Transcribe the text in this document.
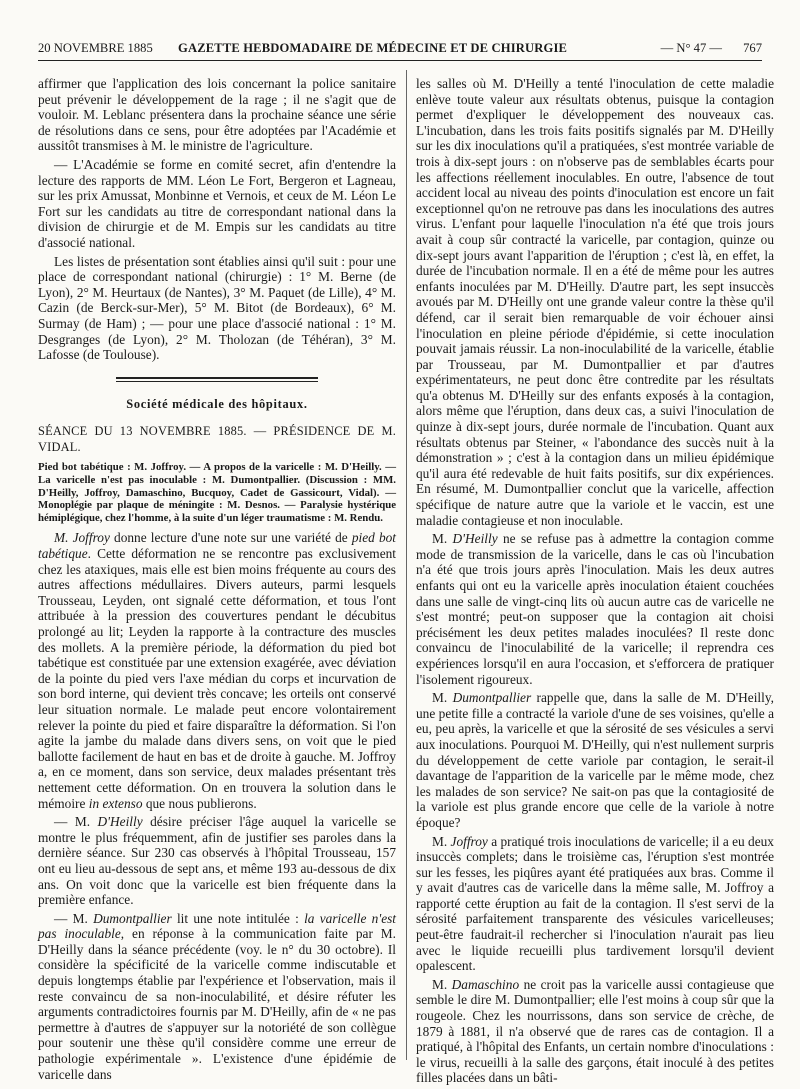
20 NOVEMBRE 1885 GAZETTE HEBDOMADAIRE DE MÉDECINE ET DE CHIRURGIE	— N° 47 — 767

affirmer que l'application des lois concernant la police sanitaire peut prévenir le développement de la rage ; il ne s'agit que de vouloir. M. Leblanc présentera dans la prochaine séance une série de résolutions dans ce sens, pour être adoptées par l'Académie et aussitôt transmises à M. le ministre de l'agriculture.

— L'Académie se forme en comité secret, afin d'entendre la lecture des rapports de MM. Léon Le Fort, Bergeron et Lagneau, sur les prix Amussat, Monbinne et Vernois, et ceux de M. Léon Le Fort sur les candidats au titre de correspondant national dans la division de chirurgie et de M. Empis sur les candidats au titre d'associé national.

Les listes de présentation sont établies ainsi qu'il suit : pour une place de correspondant national (chirurgie) : 1° M. Berne (de Lyon), 2° M. Heurtaux (de Nantes), 3° M. Paquet (de Lille), 4° M. Cazin (de Berck-sur-Mer), 5° M. Bitot (de Bordeaux), 6° M. Surmay (de Ham) ; — pour une place d'associé national : 1° M. Desgranges (de Lyon), 2° M. Tholozan (de Téhéran), 3° M. Lafosse (de Toulouse).

Société médicale des hôpitaux.
SÉANCE DU 13 NOVEMBRE 1885. — PRÉSIDENCE DE M. VIDAL.
Pied bot tabétique : M. Joffroy. — A propos de la varicelle : M. D'Heilly. — La varicelle n'est pas inoculable : M. Dumontpallier. (Discussion : MM. D'Heilly, Joffroy, Damaschino, Bucquoy, Cadet de Gassicourt, Vidal). — Monoplégie par plaque de méningite : M. Desnos. — Paralysie hystérique hémiplégique, chez l'homme, à la suite d'un léger traumatisme : M. Rendu.

M. Joffroy donne lecture d'une note sur une variété de pied bot tabétique. Cette déformation ne se rencontre pas exclusivement chez les ataxiques, mais elle est bien moins fréquente au cours des autres affections médullaires. Divers auteurs, parmi lesquels Trousseau, Leyden, ont signalé cette déformation, et tous l'ont attribuée à la pression des couvertures pendant le décubitus prolongé au lit; Leyden la rapporte à la contracture des muscles des mollets. A la première période, la déformation du pied bot tabétique est constituée par une extension exagérée, avec déviation de la pointe du pied vers l'axe médian du corps et incurvation de son bord interne, qui devient très concave; les orteils ont conservé leur situation normale. Le malade peut encore volontairement relever la pointe du pied et faire disparaître la déformation. Si l'on agite la jambe du malade dans divers sens, on voit que le pied ballotte facilement de haut en bas et de droite à gauche. M. Joffroy a, en ce moment, dans son service, deux malades présentant très nettement cette déformation. On en trouvera la solution dans le mémoire in extenso que nous publierons.

— M. D'Heilly désire préciser l'âge auquel la varicelle se montre le plus fréquemment, afin de justifier ses paroles dans la dernière séance. Sur 230 cas observés à l'hôpital Trousseau, 157 ont eu lieu au-dessous de sept ans, et même 193 au-dessous de dix ans. On voit donc que la varicelle est bien fréquente dans la première enfance.

— M. Dumontpallier lit une note intitulée : la varicelle n'est pas inoculable, en réponse à la communication faite par M. D'Heilly dans la séance précédente (voy. le n° du 30 octobre). Il considère la spécificité de la varicelle comme indiscutable et depuis longtemps établie par l'expérience et l'observation, mais il reste convaincu de sa non-inoculabilité, et désire réfuter les arguments contradictoires fournis par M. D'Heilly, afin de « ne pas permettre à d'autres de s'appuyer sur la notoriété de son collègue pour soutenir une thèse qu'il considère comme une erreur de pathologie expérimentale ». L'existence d'une épidémie de varicelle dans

les salles où M. D'Heilly a tenté l'inoculation de cette maladie enlève toute valeur aux résultats obtenus, puisque la contagion permet d'expliquer le développement des nouveaux cas. L'incubation, dans les trois faits positifs signalés par M. D'Heilly sur les dix inoculations qu'il a pratiquées, s'est montrée variable de trois à dix-sept jours : on n'observe pas de semblables écarts pour les affections réellement inoculables. En outre, l'absence de tout accident local au niveau des points d'inoculation est encore un fait exceptionnel qu'on ne retrouve pas dans les inoculations des autres virus. L'enfant pour laquelle l'inoculation n'a été que trois jours avait à coup sûr contracté la varicelle, par contagion, quinze ou dix-sept jours avant l'apparition de l'éruption ; c'est là, en effet, la durée de l'incubation normale. Il en a été de même pour les autres enfants inoculées par M. D'Heilly. D'autre part, les sept insuccès avoués par M. D'Heilly ont une grande valeur contre la thèse qu'il défend, car il serait bien remarquable de voir échouer ainsi l'inoculation en pleine période d'épidémie, si cette inoculation pouvait jamais réussir. La non-inoculabilité de la varicelle, établie par Trousseau, par M. Dumontpallier et par d'autres expérimentateurs, ne peut donc être contredite par les résultats qu'a obtenus M. D'Heilly sur des enfants exposés à la contagion, alors même que l'éruption, dans deux cas, a suivi l'inoculation de quinze à dix-sept jours, durée normale de l'incubation. Quant aux résultats obtenus par Steiner, « l'abondance des succès nuit à la démonstration » ; c'est à la contagion dans un milieu épidémique qu'il aura été redevable de huit faits positifs, sur dix expériences. En résumé, M. Dumontpallier conclut que la varicelle, affection spécifique de nature autre que la variole et le vaccin, est une maladie contagieuse et non inoculable.

M. D'Heilly ne se refuse pas à admettre la contagion comme mode de transmission de la varicelle, dans le cas où l'incubation n'a été que trois jours après l'inoculation. Mais les deux autres enfants qui ont eu la varicelle après inoculation étaient couchées dans une salle de vingt-cinq lits où aucun autre cas de varicelle ne s'est montré; peut-on supposer que la contagion ait choisi précisément les deux petites malades inoculées? Il reste donc convaincu de l'inoculabilité de la varicelle; il reprendra ces expériences lorsqu'il en aura l'occasion, et s'efforcera de pratiquer l'isolement rigoureux.

M. Dumontpallier rappelle que, dans la salle de M. D'Heilly, une petite fille a contracté la variole d'une de ses voisines, qu'elle a eu, peu après, la varicelle et que la sérosité de ses vésicules a servi aux inoculations. Pourquoi M. D'Heilly, qui n'est nullement surpris du développement de cette variole par contagion, le serait-il davantage de l'apparition de la varicelle par le même mode, chez les malades de son service? Ne sait-on pas que la contagiosité de la variole est plus grande encore que celle de la variole à notre époque?

M. Joffroy a pratiqué trois inoculations de varicelle; il a eu deux insuccès complets; dans le troisième cas, l'éruption s'est montrée sur les fesses, les piqûres ayant été pratiquées aux bras. Comme il y avait d'autres cas de varicelle dans la même salle, M. Joffroy a rapporté cette éruption au fait de la contagion. Il s'est servi de la sérosité parfaitement transparente des vésicules varicelleuses; peut-être faudrait-il rechercher si l'inoculation n'aurait pas lieu avec le liquide recueilli plus tardivement lorsqu'il devient opalescent.

M. Damaschino ne croit pas la varicelle aussi contagieuse que semble le dire M. Dumontpallier; elle l'est moins à coup sûr que la rougeole. Chez les nourrissons, dans son service de crèche, de 1879 à 1881, il n'a observé que de rares cas de contagion. Il a pratiqué, à l'hôpital des Enfants, un certain nombre d'inoculations : le virus, recueilli à la salle des garçons, était inoculé à des petites filles placées dans un bâti-
